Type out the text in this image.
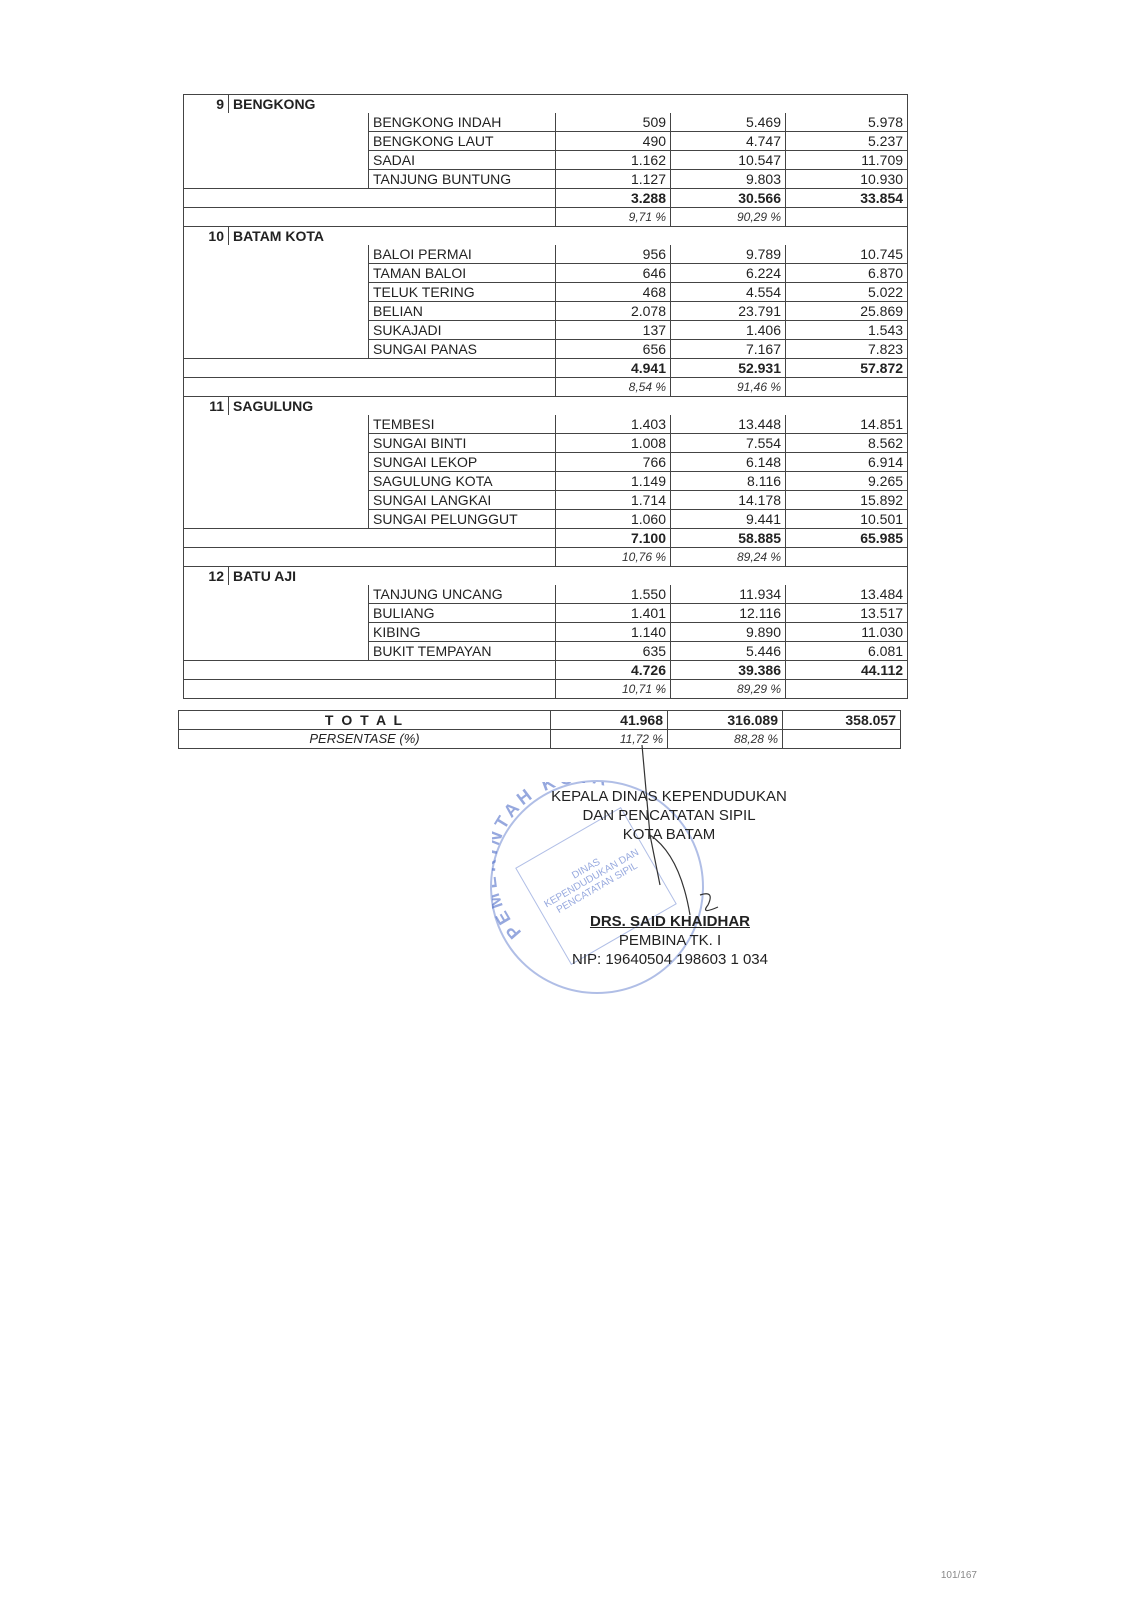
9	BENGKONG				
		BENGKONG INDAH	509	5.469	5.978
		BENGKONG LAUT	490	4.747	5.237
		SADAI	1.162	10.547	11.709
		TANJUNG BUNTUNG	1.127	9.803	10.930
			3.288	30.566	33.854
			9,71 %	90,29 %	
10	BATAM KOTA				
		BALOI PERMAI	956	9.789	10.745
		TAMAN BALOI	646	6.224	6.870
		TELUK TERING	468	4.554	5.022
		BELIAN	2.078	23.791	25.869
		SUKAJADI	137	1.406	1.543
		SUNGAI PANAS	656	7.167	7.823
			4.941	52.931	57.872
			8,54 %	91,46 %	
11	SAGULUNG				
		TEMBESI	1.403	13.448	14.851
		SUNGAI BINTI	1.008	7.554	8.562
		SUNGAI LEKOP	766	6.148	6.914
		SAGULUNG KOTA	1.149	8.116	9.265
		SUNGAI LANGKAI	1.714	14.178	15.892
		SUNGAI PELUNGGUT	1.060	9.441	10.501
			7.100	58.885	65.985
			10,76 %	89,24 %	
12	BATU AJI				
		TANJUNG UNCANG	1.550	11.934	13.484
		BULIANG	1.401	12.116	13.517
		KIBING	1.140	9.890	11.030
		BUKIT TEMPAYAN	635	5.446	6.081
			4.726	39.386	44.112
			10,71 %	89,29 %	
T O T A L	41.968	316.089	358.057
PERSENTASE (%)	11,72 %	88,28 %	
P TAH K
DINAS KEPENDUDUKAN DAN PENCATATAN SIPIL
KEPALA DINAS KEPENDUDUKAN
DAN PENCATATAN SIPIL
KOTA BATAM
DRS. SAID KHAIDHAR
PEMBINA TK. I
NIP: 19640504 198603 1 034
101/167
